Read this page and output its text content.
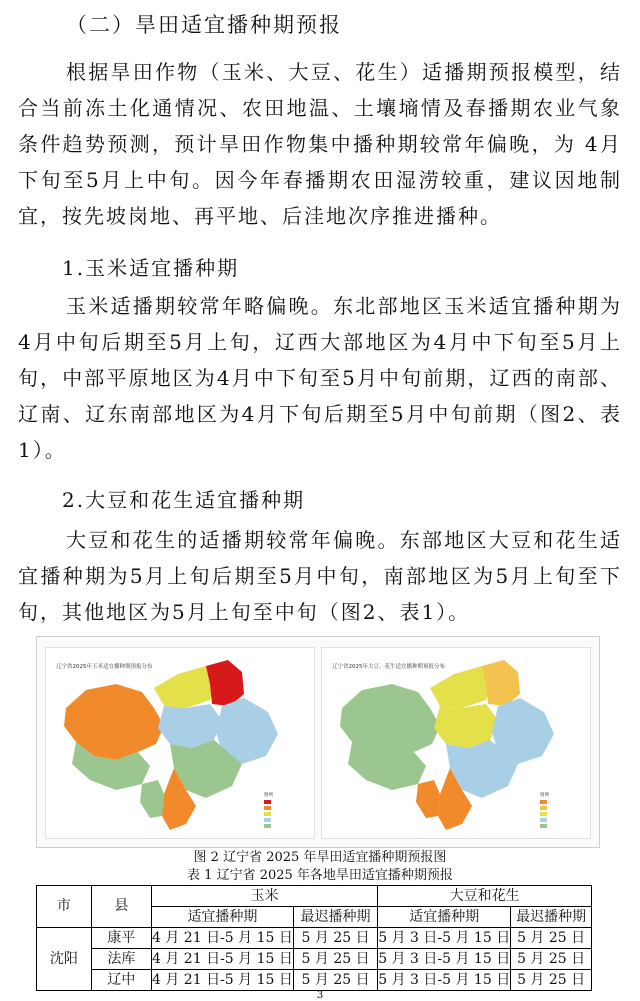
（二）旱田适宜播种期预报

根据旱田作物（玉米、大豆、花生）适播期预报模型，结合当前冻土化通情况、农田地温、土壤墒情及春播期农业气象条件趋势预测，预计旱田作物集中播种期较常年偏晚，为 4月下旬至5月上中旬。因今年春播期农田湿涝较重，建议因地制宜，按先坡岗地、再平地、后洼地次序推进播种。

1.玉米适宜播种期

玉米适播期较常年略偏晚。东北部地区玉米适宜播种期为4月中旬后期至5月上旬，辽西大部地区为4月中下旬至5月上旬，中部平原地区为4月中下旬至5月中旬前期，辽西的南部、辽南、辽东南部地区为4月下旬后期至5月中旬前期（图2、表1）。

2.大豆和花生适宜播种期

大豆和花生的适播期较常年偏晚。东部地区大豆和花生适宜播种期为5月上旬后期至5月中旬，南部地区为5月上旬至下旬，其他地区为5月上旬至中旬（图2、表1）。

辽宁省2025年玉米适宜播种期预报分布
图例
辽宁省2025年大豆、花生适宜播种期预报分布
图例
图 2 辽宁省 2025 年旱田适宜播种期预报图
表 1 辽宁省 2025 年各地旱田适宜播种期预报
市	县	玉米		大豆和花生	
		适宜播种期	最迟播种期	适宜播种期	最迟播种期
沈阳	康平	4 月 21 日-5 月 15 日	5 月 25 日	5 月 3 日-5 月 15 日	5 月 25 日
	法库	4 月 21 日-5 月 15 日	5 月 25 日	5 月 3 日-5 月 15 日	5 月 25 日
	辽中	4 月 21 日-5 月 15 日	5 月 25 日	5 月 3 日-5 月 15 日	5 月 25 日
3
